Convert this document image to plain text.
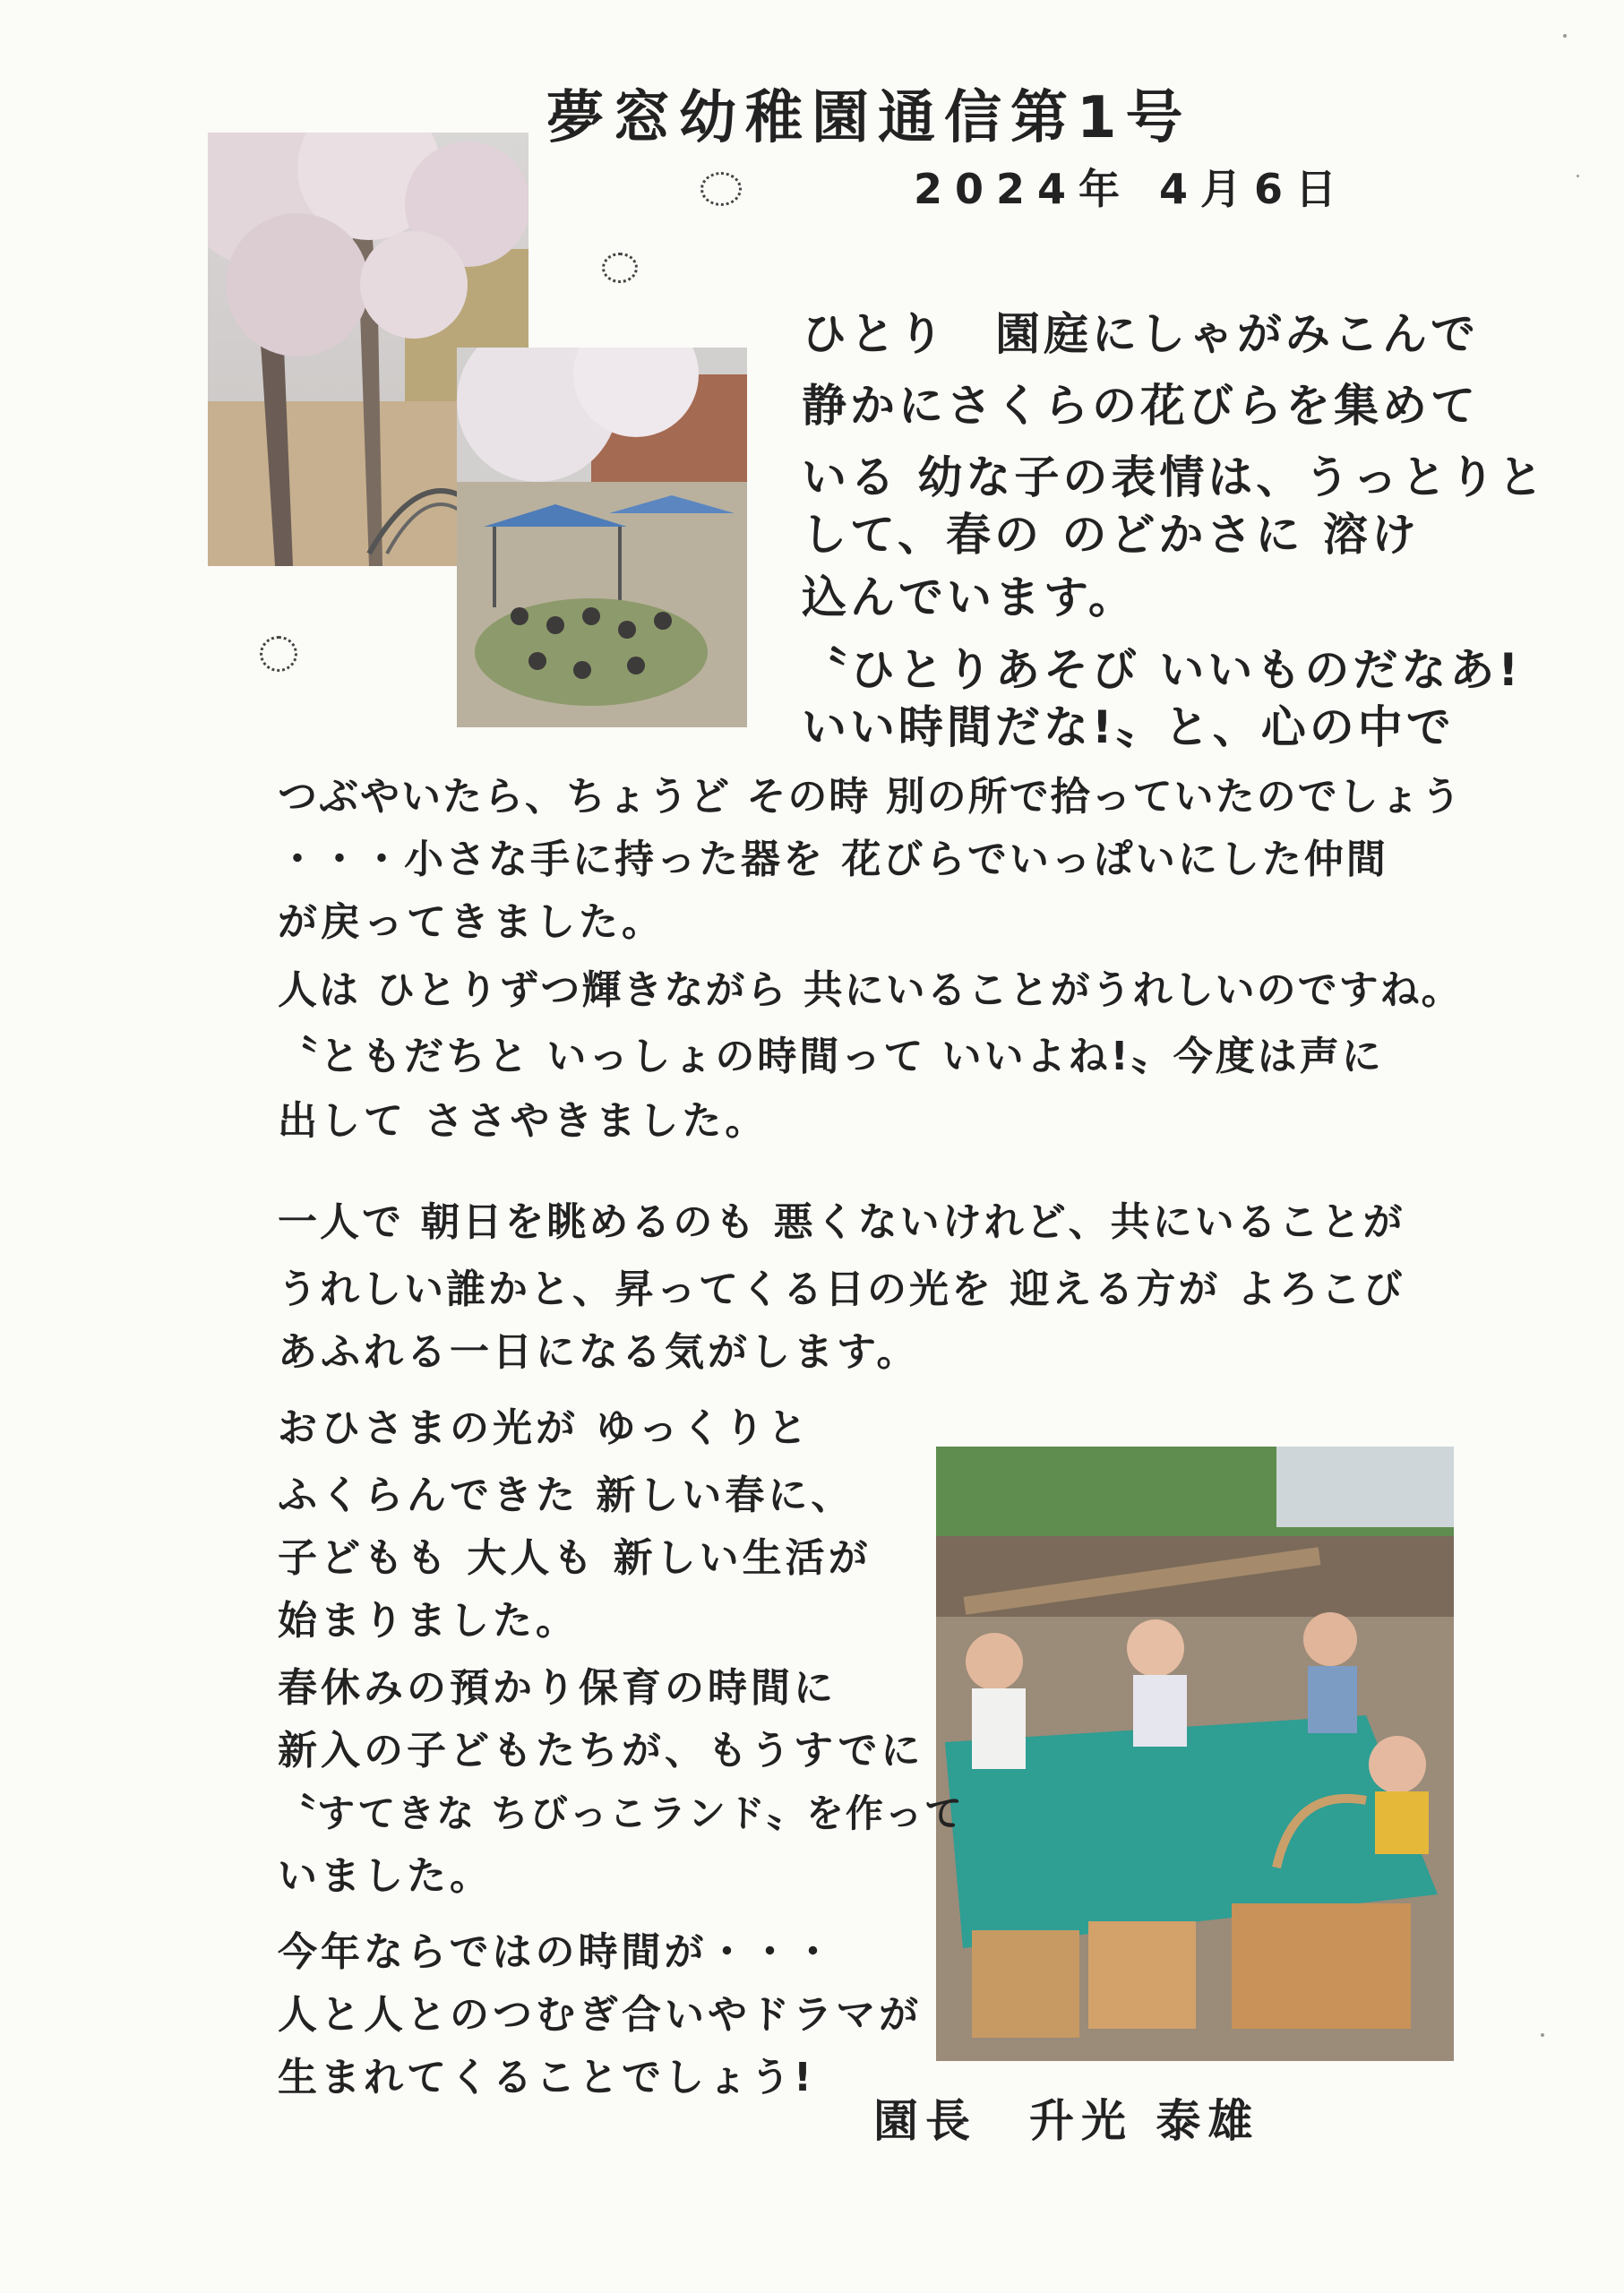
夢窓幼稚園通信第1号
2024年 4月6日
ひとり　園庭にしゃがみこんで
静かにさくらの花びらを集めて
いる 幼な子の表情は、うっとりと
して、春の のどかさに 溶け
込んでいます。
〝ひとりあそび いいものだなあ!
いい時間だな!〟と、心の中で
つぶやいたら、ちょうど その時 別の所で拾っていたのでしょう
・・・小さな手に持った器を 花びらでいっぱいにした仲間
が戻ってきました。
人は ひとりずつ輝きながら 共にいることがうれしいのですね。
〝ともだちと いっしょの時間って いいよね!〟今度は声に
出して ささやきました。
一人で 朝日を眺めるのも 悪くないけれど、共にいることが
うれしい誰かと、昇ってくる日の光を 迎える方が よろこび
あふれる一日になる気がします。
おひさまの光が ゆっくりと
ふくらんできた 新しい春に、
子どもも 大人も 新しい生活が
始まりました。
春休みの預かり保育の時間に
新入の子どもたちが、もうすでに
〝すてきな ちびっこランド〟を作って
いました。
今年ならではの時間が・・・
人と人とのつむぎ合いやドラマが
生まれてくることでしょう!
園長　升光 泰雄
